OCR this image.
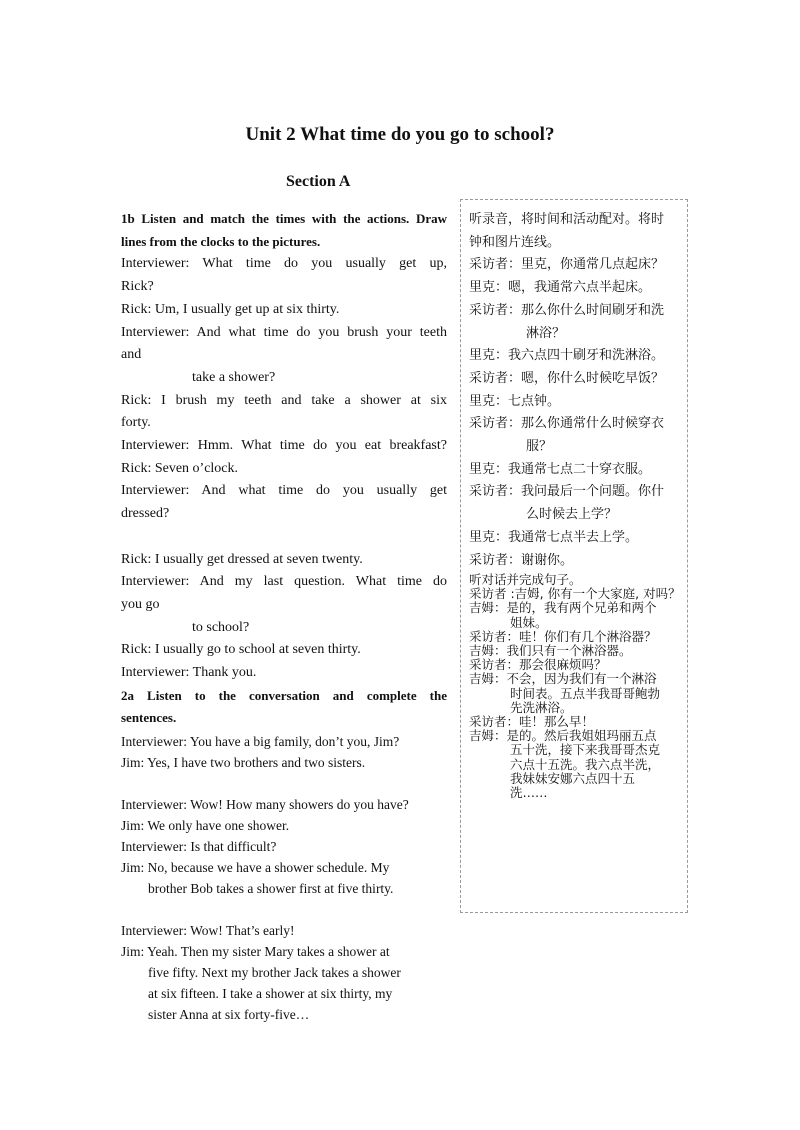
Unit 2 What time do you go to school?
Section A

1b Listen and match the times with the actions. Draw

lines from the clocks to the pictures.

Interviewer: What time do you usually get up,

Rick?

Rick: Um, I usually get up at six thirty.

Interviewer: And what time do you brush your teeth

and

take a shower?

Rick: I brush my teeth and take a shower at six

forty.

Interviewer: Hmm. What time do you eat breakfast?

Rick: Seven o’clock.

Interviewer: And what time do you usually get

dressed?

Rick: I usually get dressed at seven twenty.

Interviewer: And my last question. What time do

you go

to school?

Rick: I usually go to school at seven thirty.

Interviewer: Thank you.

2a Listen to the conversation and complete the

sentences.

Interviewer: You have a big family, don’t you, Jim?

Jim: Yes, I have two brothers and two sisters.

Interviewer: Wow! How many showers do you have?

Jim: We only have one shower.

Interviewer: Is that difficult?

Jim: No, because we have a shower schedule. My

brother Bob takes a shower first at five thirty.

Interviewer: Wow! That’s early!

Jim: Yeah. Then my sister Mary takes a shower at

five fifty. Next my brother Jack takes a shower

at six fifteen. I take a shower at six thirty, my

sister Anna at six forty-five…

听录音，将时间和活动配对。将时

钟和图片连线。

采访者：里克，你通常几点起床？

里克：嗯，我通常六点半起床。

采访者：那么你什么时间刷牙和洗

淋浴？

里克：我六点四十刷牙和洗淋浴。

采访者：嗯，你什么时候吃早饭？

里克：七点钟。

采访者：那么你通常什么时候穿衣

服？

里克：我通常七点二十穿衣服。

采访者：我问最后一个问题。你什

么时候去上学？

里克：我通常七点半去上学。

采访者：谢谢你。

听对话并完成句子。

采访者 :吉姆, 你有一个大家庭, 对吗？

吉姆：是的，我有两个兄弟和两个

姐妹。

采访者：哇！你们有几个淋浴器？

吉姆：我们只有一个淋浴器。

采访者：那会很麻烦吗？

吉姆：不会，因为我们有一个淋浴

时间表。五点半我哥哥鲍勃

先洗淋浴。

采访者：哇！那么早！

吉姆：是的。然后我姐姐玛丽五点

五十洗，接下来我哥哥杰克

六点十五洗。我六点半洗，

我妹妹安娜六点四十五

洗……
